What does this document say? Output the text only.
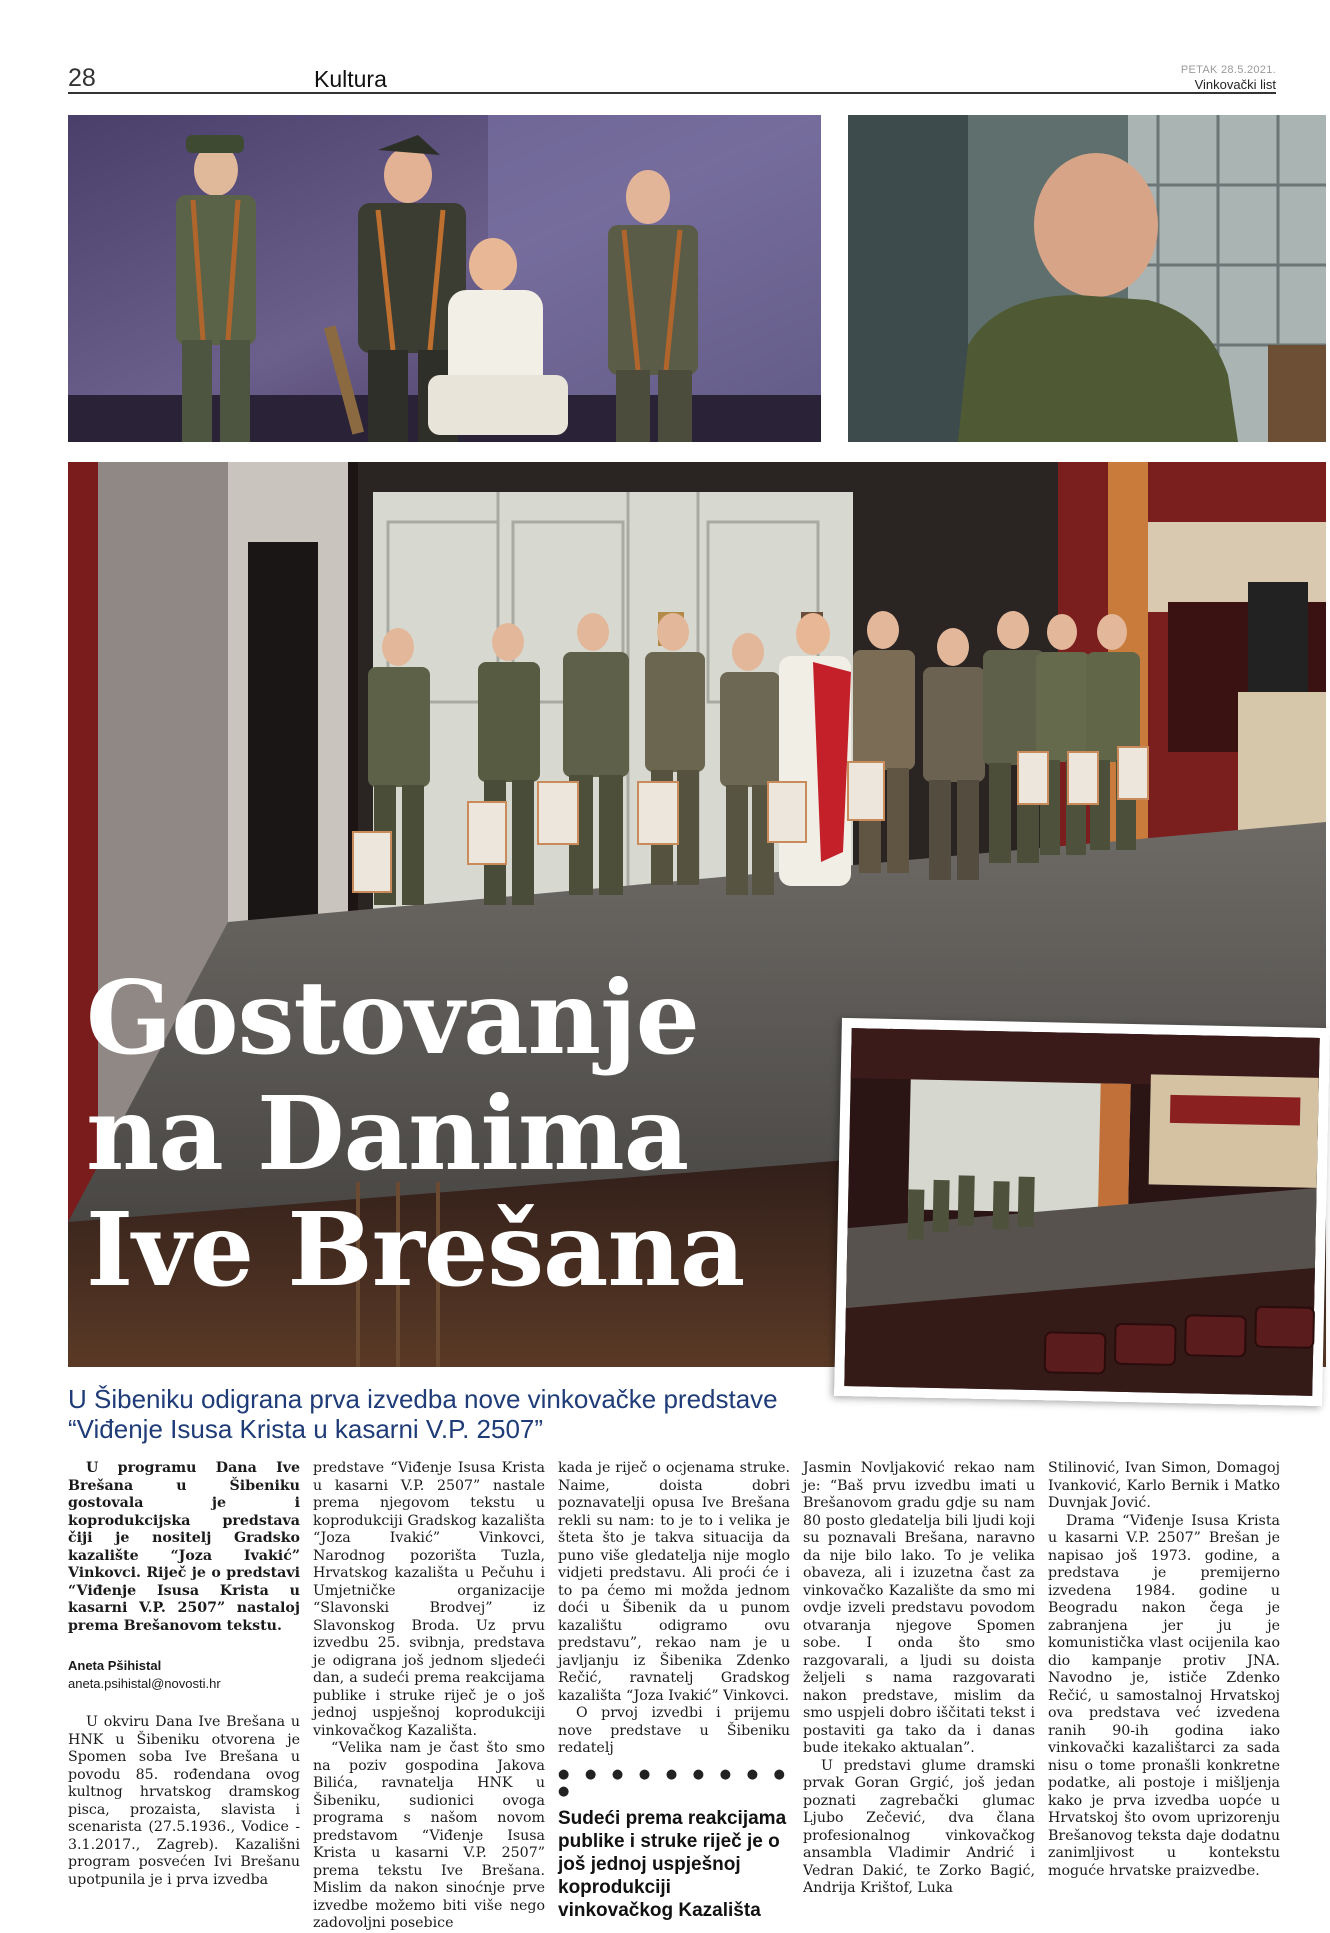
28	Kultura	PETAK 28.5.2021.
Vinkovački list
Gostovanje na Danima Ive Brešana
U Šibeniku odigrana prva izvedba nove vinkovačke predstave “Viđenje Isusa Krista u kasarni V.P. 2507”

U programu Dana Ive Brešana u Šibeniku gostovala je i koprodukcijska predstava čiji je nositelj Gradsko kazalište “Joza Ivakić” Vinkovci. Riječ je o predstavi “Viđenje Isusa Krista u kasarni V.P. 2507” nastaloj prema Brešanovom tekstu.

Aneta Pšihistal
aneta.psihistal@novosti.hr

U okviru Dana Ive Brešana u HNK u Šibeniku otvorena je Spomen soba Ive Brešana u povodu 85. rođendana ovog kultnog hrvatskog dramskog pisca, prozaista, slavista i scenarista (27.5.1936., Vodice - 3.1.2017., Zagreb). Kazališni program posvećen Ivi Brešanu upotpunila je i prva izvedba

predstave “Viđenje Isusa Krista u kasarni V.P. 2507” nastale prema njegovom tekstu u koprodukciji Gradskog kazališta “Joza Ivakić” Vinkovci, Narodnog pozorišta Tuzla, Hrvatskog kazališta u Pečuhu i Umjetničke organizacije “Slavonski Brodvej” iz Slavonskog Broda. Uz prvu izvedbu 25. svibnja, predstava je odigrana još jednom sljedeći dan, a sudeći prema reakcijama publike i struke riječ je o još jednoj uspješnoj koprodukciji vinkovačkog Kazališta.

“Velika nam je čast što smo na poziv gospodina Jakova Bilića, ravnatelja HNK u Šibeniku, sudionici ovoga programa s našom novom predstavom “Viđenje Isusa Krista u kasarni V.P. 2507” prema tekstu Ive Brešana. Mislim da nakon sinoćnje prve izvedbe možemo biti više nego zadovoljni posebice

kada je riječ o ocjenama struke. Naime, doista dobri poznavatelji opusa Ive Brešana rekli su nam: to je to i velika je šteta što je takva situacija da puno više gledatelja nije moglo vidjeti predstavu. Ali proći će i to pa ćemo mi možda jednom doći u Šibenik da u punom kazalištu odigramo ovu predstavu”, rekao nam je u javljanju iz Šibenika Zdenko Rečić, ravnatelj Gradskog kazališta “Joza Ivakić” Vinkovci.

O prvoj izvedbi i prijemu nove predstave u Šibeniku redatelj

● ● ● ● ● ● ● ● ● ●
Sudeći prema reakcijama publike i struke riječ je o još jednoj uspješnoj koprodukciji vinkovačkog Kazališta

Jasmin Novljaković rekao nam je: “Baš prvu izvedbu imati u Brešanovom gradu gdje su nam 80 posto gledatelja bili ljudi koji su poznavali Brešana, naravno da nije bilo lako. To je velika obaveza, ali i izuzetna čast za vinkovačko Kazalište da smo mi ovdje izveli predstavu povodom otvaranja njegove Spomen sobe. I onda što smo razgovarali, a ljudi su doista željeli s nama razgovarati nakon predstave, mislim da smo uspjeli dobro iščitati tekst i postaviti ga tako da i danas bude itekako aktualan”.

U predstavi glume dramski prvak Goran Grgić, još jedan poznati zagrebački glumac Ljubo Zečević, dva člana profesionalnog vinkovačkog ansambla Vladimir Andrić i Vedran Dakić, te Zorko Bagić, Andrija Krištof, Luka

Stilinović, Ivan Simon, Domagoj Ivanković, Karlo Bernik i Matko Duvnjak Jović.

Drama “Viđenje Isusa Krista u kasarni V.P. 2507” Brešan je napisao još 1973. godine, a predstava je premijerno izvedena 1984. godine u Beogradu nakon čega je zabranjena jer ju je komunistička vlast ocijenila kao dio kampanje protiv JNA. Navodno je, ističe Zdenko Rečić, u samostalnoj Hrvatskoj ova predstava već izvedena ranih 90-ih godina iako vinkovački kazalištarci za sada nisu o tome pronašli konkretne podatke, ali postoje i mišljenja kako je prva izvedba uopće u Hrvatskoj što ovom uprizorenju Brešanovog teksta daje dodatnu zanimljivost u kontekstu moguće hrvatske praizvedbe.
